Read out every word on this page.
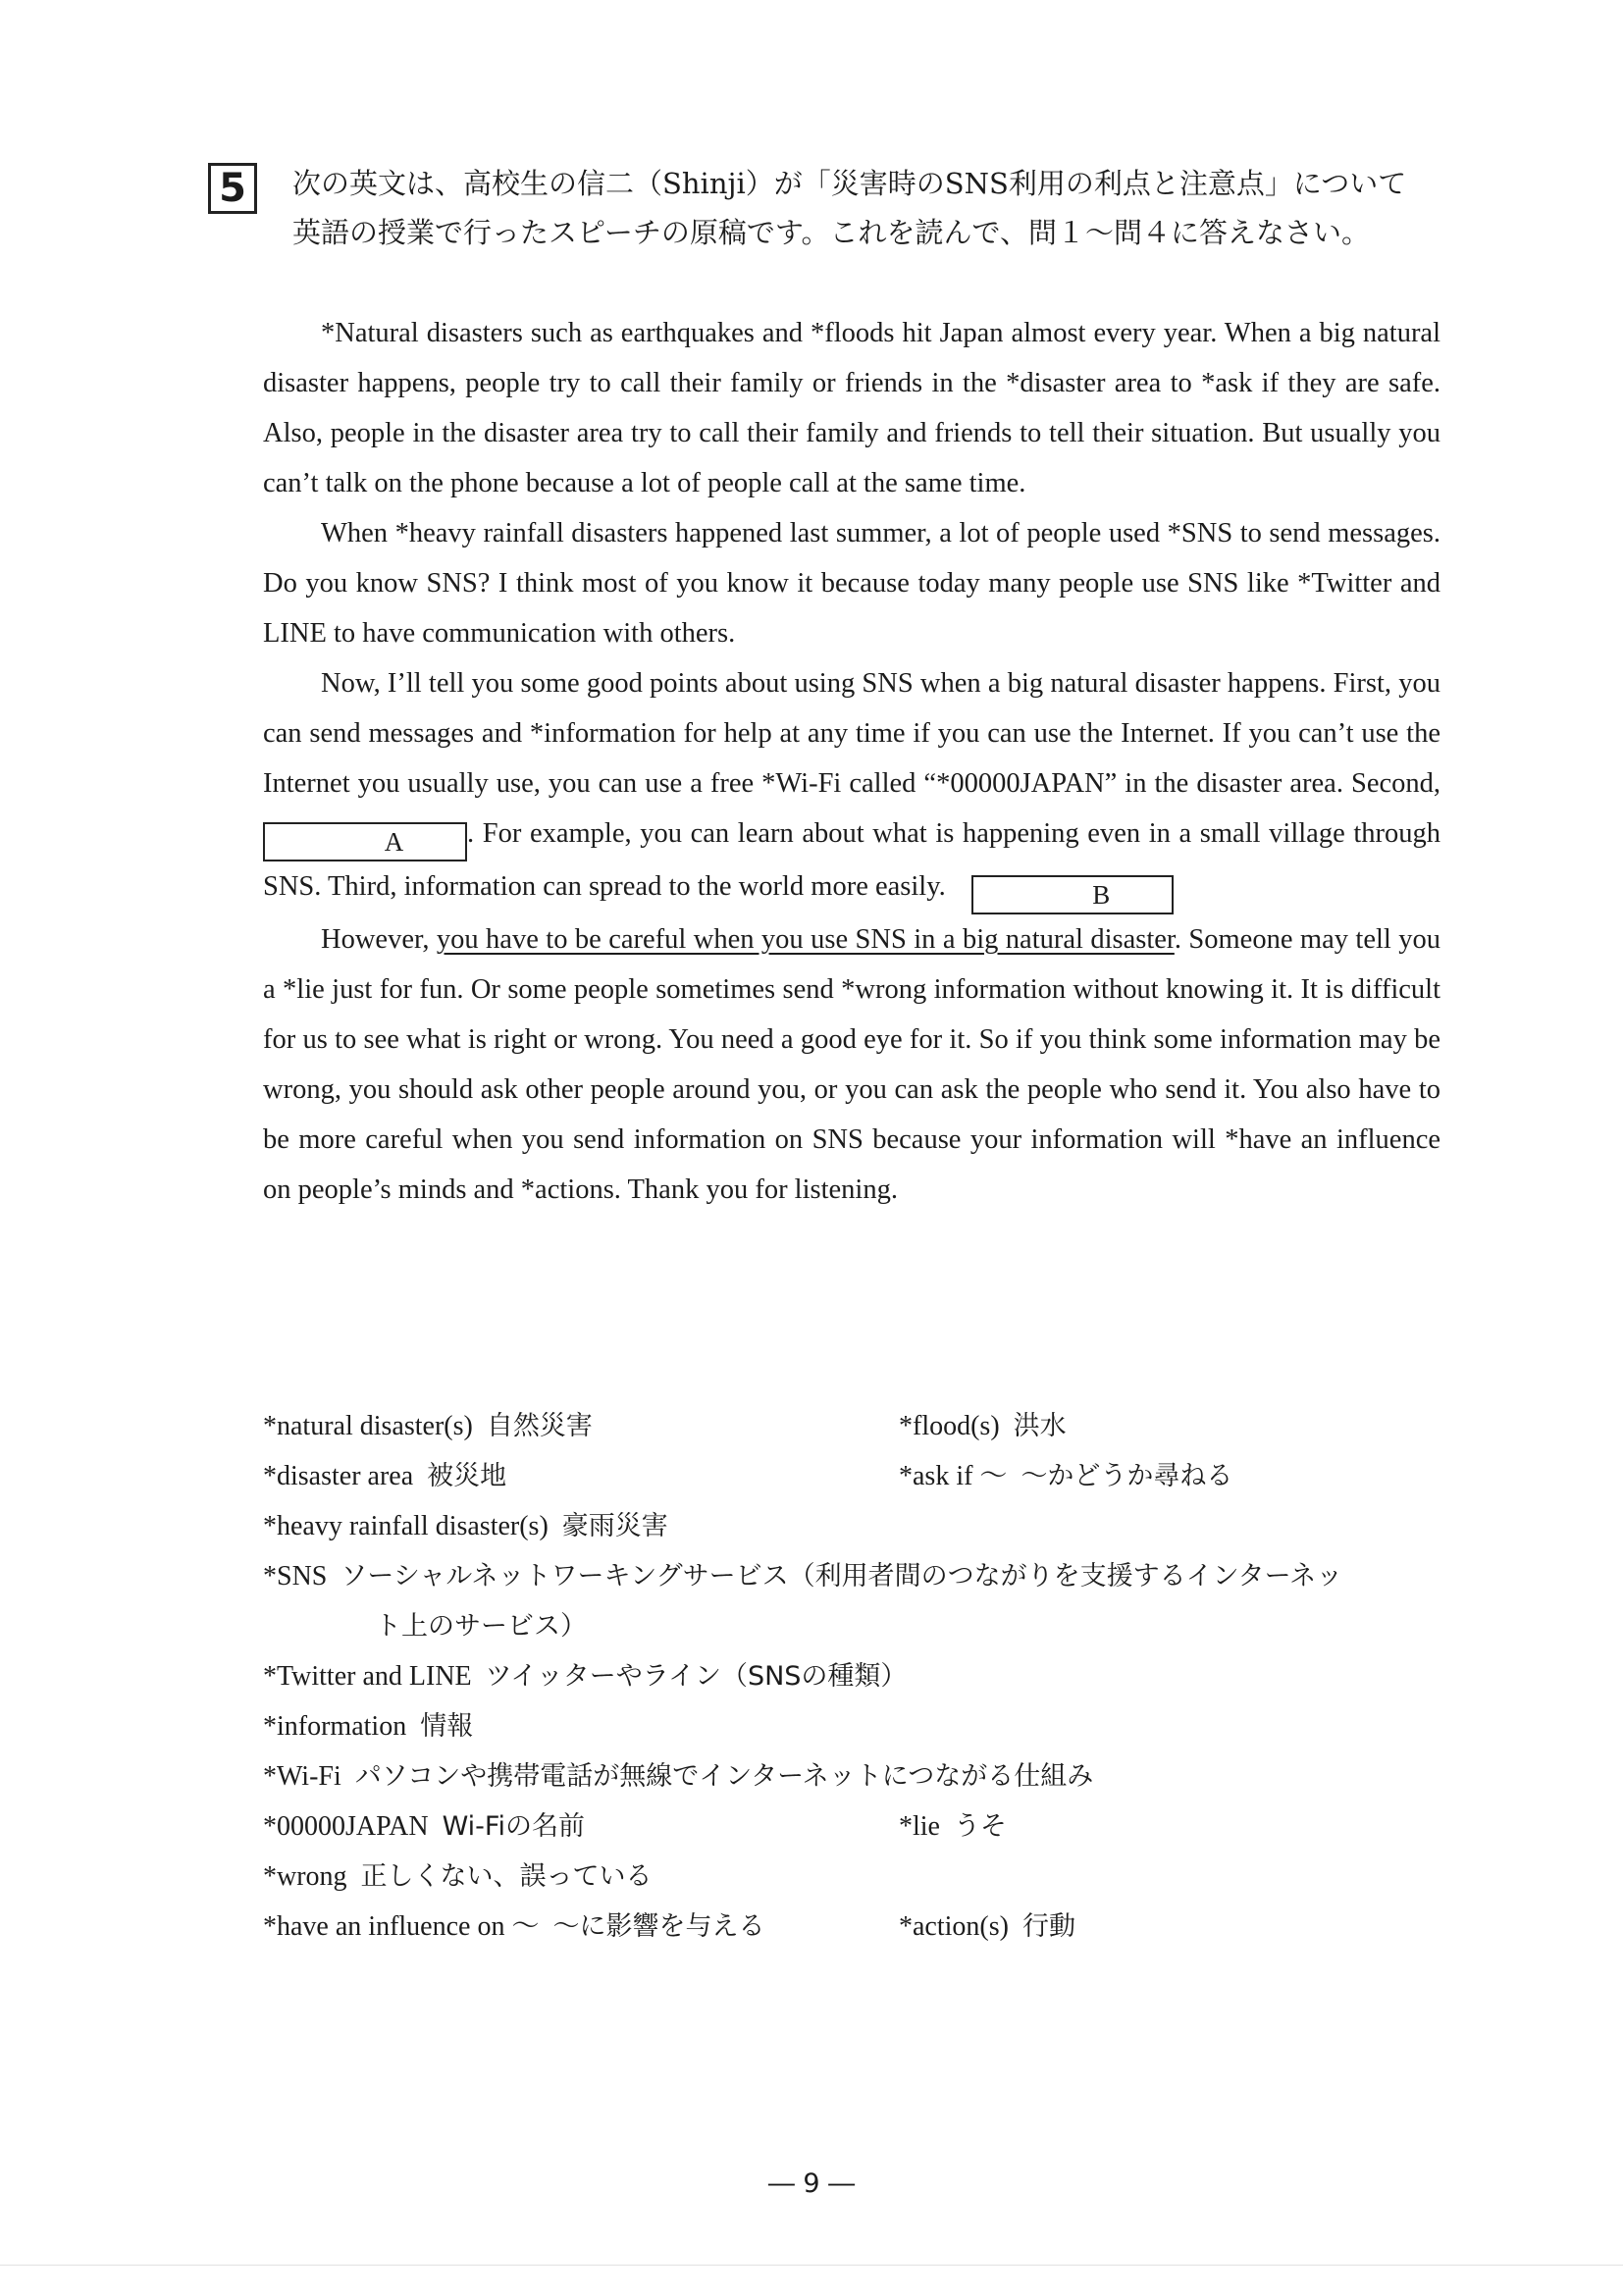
5	次の英文は、高校生の信二（Shinji）が「災害時のSNS利用の利点と注意点」について
英語の授業で行ったスピーチの原稿です。これを読んで、問１～問４に答えなさい。

*Natural disasters such as earthquakes and *floods hit Japan almost every year. When a big natural disaster happens, people try to call their family or friends in the *disaster area to *ask if they are safe. Also, people in the disaster area try to call their family and friends to tell their situation. But usually you can’t talk on the phone because a lot of people call at the same time.

When *heavy rainfall disasters happened last summer, a lot of people used *SNS to send messages. Do you know SNS? I think most of you know it because today many people use SNS like *Twitter and LINE to have communication with others.

Now, I’ll tell you some good points about using SNS when a big natural disaster happens. First, you can send messages and *information for help at any time if you can use the Internet. If you can’t use the Internet you usually use, you can use a free *Wi-Fi called “*00000JAPAN” in the disaster area. Second, A . For example, you can learn about what is happening even in a small village through SNS. Third, information can spread to the world more easily.	B

However, you have to be careful when you use SNS in a big natural disaster. Someone may tell you a *lie just for fun. Or some people sometimes send *wrong information without knowing it. It is difficult for us to see what is right or wrong. You need a good eye for it. So if you think some information may be wrong, you should ask other people around you, or you can ask the people who send it. You also have to be more careful when you send information on SNS because your information will *have an influence on people’s minds and *actions. Thank you for listening.

*natural disaster(s) 自然災害	*flood(s) 洪水
*disaster area 被災地	*ask if ～ ～かどうか尋ねる
*heavy rainfall disaster(s) 豪雨災害
*SNS ソーシャルネットワーキングサービス（利用者間のつながりを支援するインターネッ
ト上のサービス）
*Twitter and LINE ツイッターやライン（SNSの種類）
*information 情報
*Wi-Fi パソコンや携帯電話が無線でインターネットにつながる仕組み
*00000JAPAN Wi-Fiの名前	*lie うそ
*wrong 正しくない、誤っている
*have an influence on ～ ～に影響を与える	*action(s) 行動
― 9 ―
